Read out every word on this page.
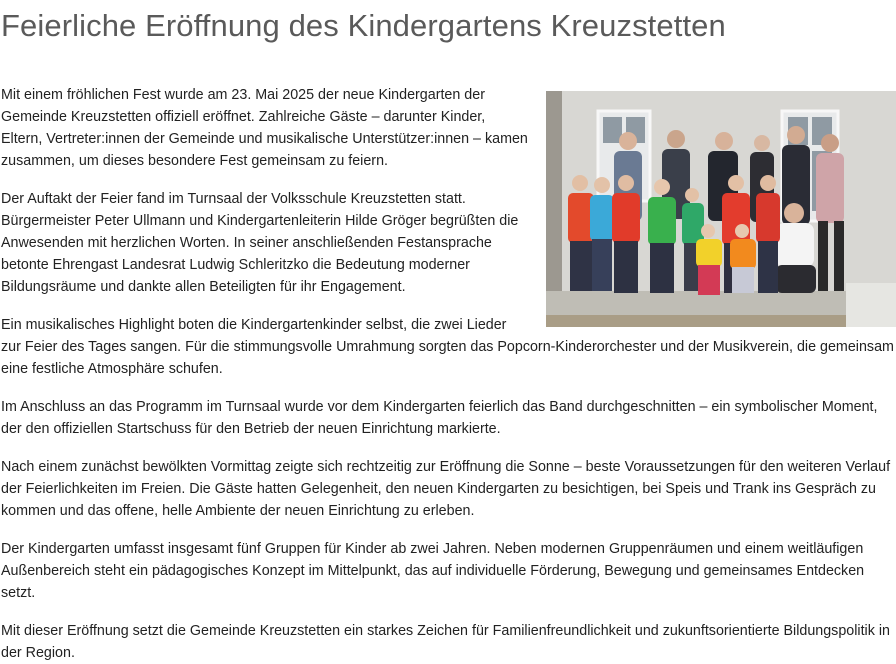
Feierliche Eröffnung des Kindergartens Kreuzstetten

Mit einem fröhlichen Fest wurde am 23. Mai 2025 der neue Kindergarten der Gemeinde Kreuzstetten offiziell eröffnet. Zahlreiche Gäste – darunter Kinder, Eltern, Vertreter:innen der Gemeinde und musikalische Unterstützer:innen – kamen zusammen, um dieses besondere Fest gemeinsam zu feiern.

Der Auftakt der Feier fand im Turnsaal der Volksschule Kreuzstetten statt. Bürgermeister Peter Ullmann und Kindergartenleiterin Hilde Gröger begrüßten die Anwesenden mit herzlichen Worten. In seiner anschließenden Festansprache betonte Ehrengast Landesrat Ludwig Schleritzko die Bedeutung moderner Bildungsräume und dankte allen Beteiligten für ihr Engagement.

Ein musikalisches Highlight boten die Kindergartenkinder selbst, die zwei Lieder zur Feier des Tages sangen. Für die stimmungsvolle Umrahmung sorgten das Popcorn-Kinderorchester und der Musikverein, die gemeinsam eine festliche Atmosphäre schufen.

Im Anschluss an das Programm im Turnsaal wurde vor dem Kindergarten feierlich das Band durchgeschnitten – ein symbolischer Moment, der den offiziellen Startschuss für den Betrieb der neuen Einrichtung markierte.

Nach einem zunächst bewölkten Vormittag zeigte sich rechtzeitig zur Eröffnung die Sonne – beste Voraussetzungen für den weiteren Verlauf der Feierlichkeiten im Freien. Die Gäste hatten Gelegenheit, den neuen Kindergarten zu besichtigen, bei Speis und Trank ins Gespräch zu kommen und das offene, helle Ambiente der neuen Einrichtung zu erleben.

Der Kindergarten umfasst insgesamt fünf Gruppen für Kinder ab zwei Jahren. Neben modernen Gruppenräumen und einem weitläufigen Außenbereich steht ein pädagogisches Konzept im Mittelpunkt, das auf individuelle Förderung, Bewegung und gemeinsames Entdecken setzt.

Mit dieser Eröffnung setzt die Gemeinde Kreuzstetten ein starkes Zeichen für Familienfreundlichkeit und zukunftsorientierte Bildungspolitik in der Region.
